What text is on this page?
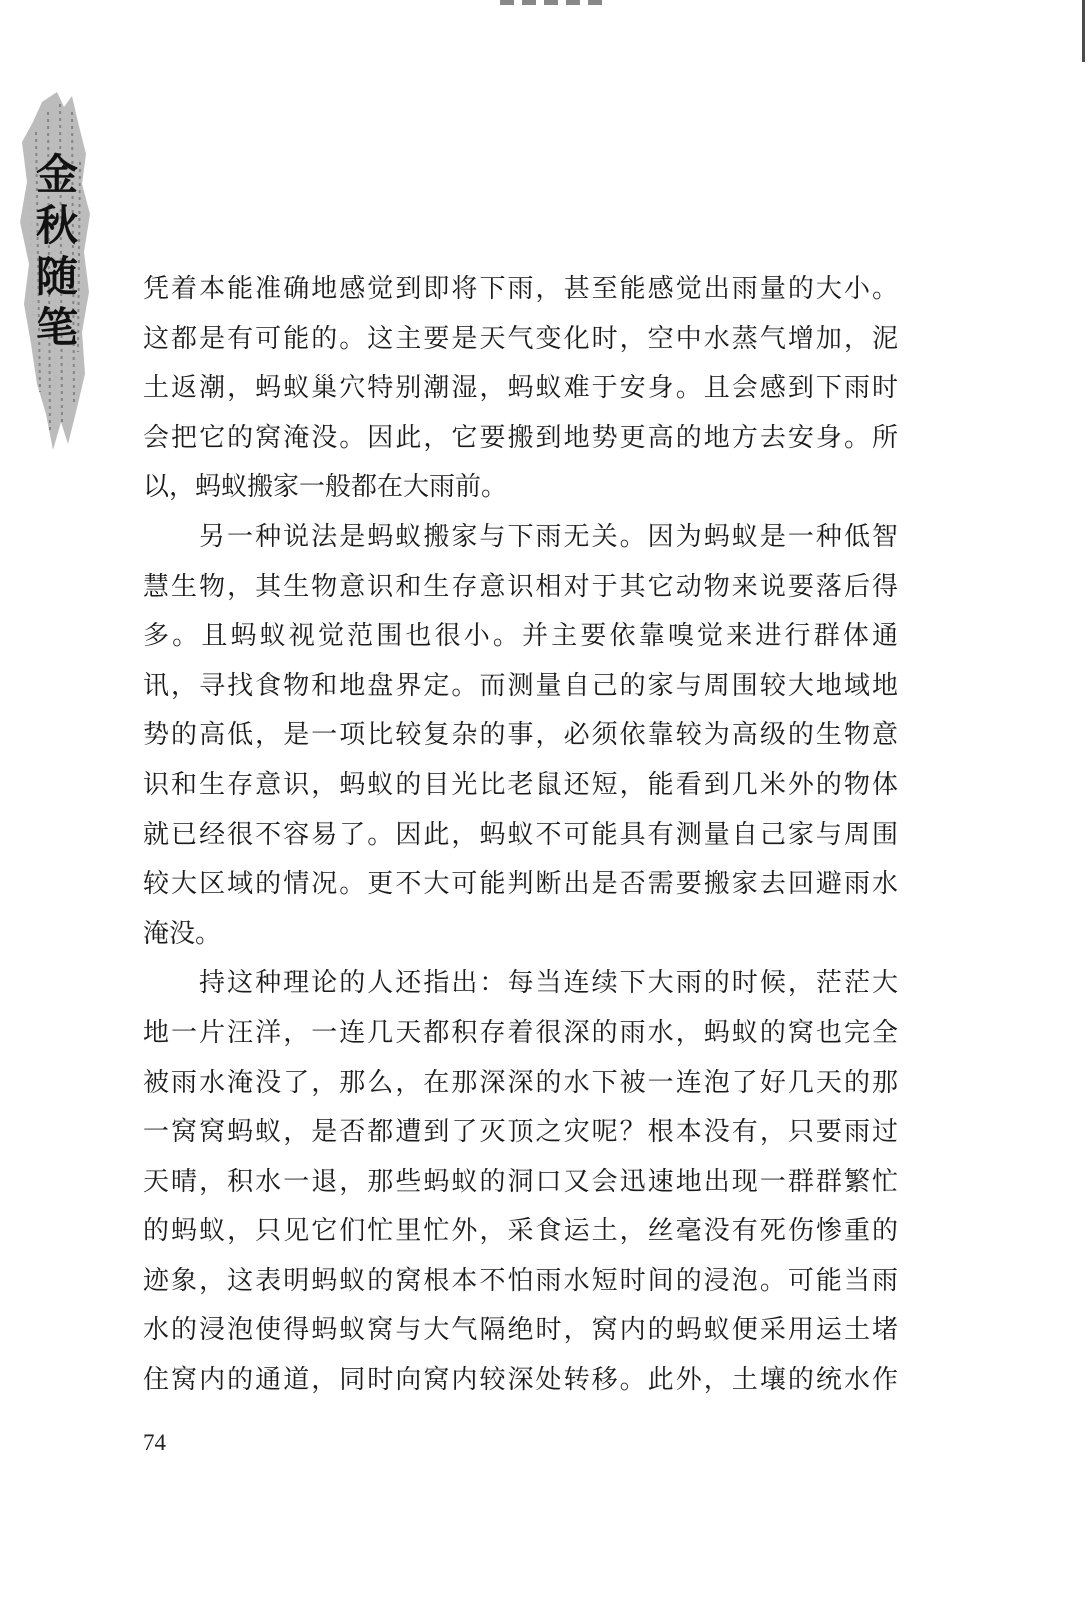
金秋随笔 凭着本能准确地感觉到即将下雨，甚至能感觉出雨量的大小。
这都是有可能的。这主要是天气变化时，空中水蒸气增加，泥
土返潮，蚂蚁巢穴特别潮湿，蚂蚁难于安身。且会感到下雨时
会把它的窝淹没。因此，它要搬到地势更高的地方去安身。所
以，蚂蚁搬家一般都在大雨前。
另一种说法是蚂蚁搬家与下雨无关。因为蚂蚁是一种低智
慧生物，其生物意识和生存意识相对于其它动物来说要落后得
多。且蚂蚁视觉范围也很小。并主要依靠嗅觉来进行群体通
讯，寻找食物和地盘界定。而测量自己的家与周围较大地域地
势的高低，是一项比较复杂的事，必须依靠较为高级的生物意
识和生存意识，蚂蚁的目光比老鼠还短，能看到几米外的物体
就已经很不容易了。因此，蚂蚁不可能具有测量自己家与周围
较大区域的情况。更不大可能判断出是否需要搬家去回避雨水
淹没。
持这种理论的人还指出：每当连续下大雨的时候，茫茫大
地一片汪洋，一连几天都积存着很深的雨水，蚂蚁的窝也完全
被雨水淹没了，那么，在那深深的水下被一连泡了好几天的那
一窝窝蚂蚁，是否都遭到了灭顶之灾呢？根本没有，只要雨过
天晴，积水一退，那些蚂蚁的洞口又会迅速地出现一群群繁忙
的蚂蚁，只见它们忙里忙外，采食运土，丝毫没有死伤惨重的
迹象，这表明蚂蚁的窝根本不怕雨水短时间的浸泡。可能当雨
水的浸泡使得蚂蚁窝与大气隔绝时，窝内的蚂蚁便采用运土堵
住窝内的通道，同时向窝内较深处转移。此外，土壤的统水作
74
